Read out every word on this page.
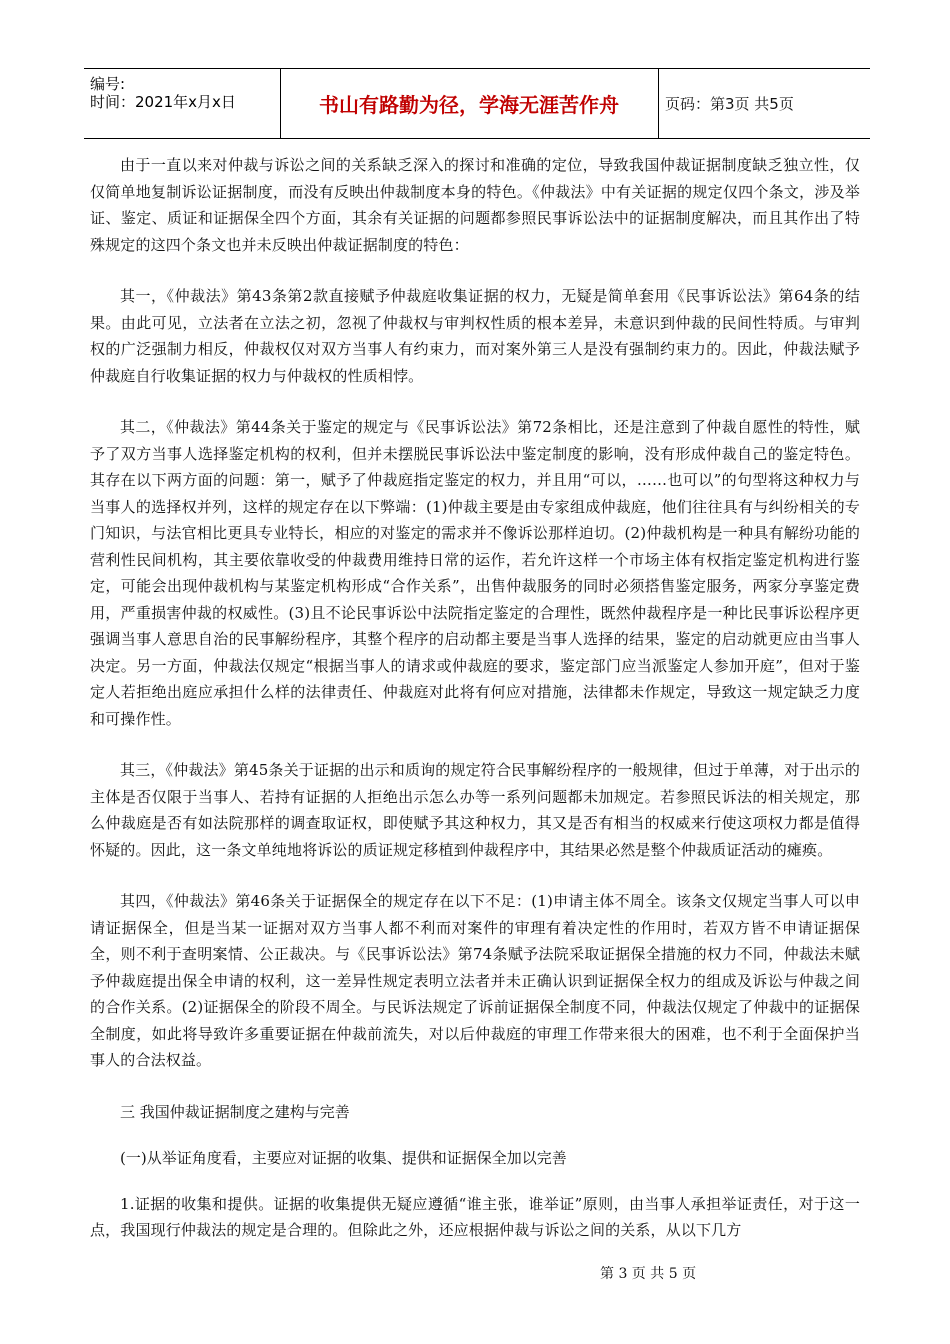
编号:
时间：2021年x月x日	书山有路勤为径，学海无涯苦作舟	页码：第3页 共5页

由于一直以来对仲裁与诉讼之间的关系缺乏深入的探讨和准确的定位，导致我国仲裁证据制度缺乏独立性，仅仅简单地复制诉讼证据制度，而没有反映出仲裁制度本身的特色。《仲裁法》中有关证据的规定仅四个条文，涉及举证、鉴定、质证和证据保全四个方面，其余有关证据的问题都参照民事诉讼法中的证据制度解决，而且其作出了特殊规定的这四个条文也并未反映出仲裁证据制度的特色：

其一，《仲裁法》第43条第2款直接赋予仲裁庭收集证据的权力，无疑是简单套用《民事诉讼法》第64条的结果。由此可见，立法者在立法之初，忽视了仲裁权与审判权性质的根本差异，未意识到仲裁的民间性特质。与审判权的广泛强制力相反，仲裁权仅对双方当事人有约束力，而对案外第三人是没有强制约束力的。因此，仲裁法赋予仲裁庭自行收集证据的权力与仲裁权的性质相悖。

其二，《仲裁法》第44条关于鉴定的规定与《民事诉讼法》第72条相比，还是注意到了仲裁自愿性的特性，赋予了双方当事人选择鉴定机构的权利，但并未摆脱民事诉讼法中鉴定制度的影响，没有形成仲裁自己的鉴定特色。其存在以下两方面的问题：第一，赋予了仲裁庭指定鉴定的权力，并且用“可以，……也可以”的句型将这种权力与当事人的选择权并列，这样的规定存在以下弊端：(1)仲裁主要是由专家组成仲裁庭，他们往往具有与纠纷相关的专门知识，与法官相比更具专业特长，相应的对鉴定的需求并不像诉讼那样迫切。(2)仲裁机构是一种具有解纷功能的营利性民间机构，其主要依靠收受的仲裁费用维持日常的运作，若允许这样一个市场主体有权指定鉴定机构进行鉴定，可能会出现仲裁机构与某鉴定机构形成“合作关系”，出售仲裁服务的同时必须搭售鉴定服务，两家分享鉴定费用，严重损害仲裁的权威性。(3)且不论民事诉讼中法院指定鉴定的合理性，既然仲裁程序是一种比民事诉讼程序更强调当事人意思自治的民事解纷程序，其整个程序的启动都主要是当事人选择的结果，鉴定的启动就更应由当事人决定。另一方面，仲裁法仅规定“根据当事人的请求或仲裁庭的要求，鉴定部门应当派鉴定人参加开庭”，但对于鉴定人若拒绝出庭应承担什么样的法律责任、仲裁庭对此将有何应对措施，法律都未作规定，导致这一规定缺乏力度和可操作性。

其三，《仲裁法》第45条关于证据的出示和质询的规定符合民事解纷程序的一般规律，但过于单薄，对于出示的主体是否仅限于当事人、若持有证据的人拒绝出示怎么办等一系列问题都未加规定。若参照民诉法的相关规定，那么仲裁庭是否有如法院那样的调查取证权，即使赋予其这种权力，其又是否有相当的权威来行使这项权力都是值得怀疑的。因此，这一条文单纯地将诉讼的质证规定移植到仲裁程序中，其结果必然是整个仲裁质证活动的瘫痪。

其四，《仲裁法》第46条关于证据保全的规定存在以下不足：(1)申请主体不周全。该条文仅规定当事人可以申请证据保全，但是当某一证据对双方当事人都不利而对案件的审理有着决定性的作用时，若双方皆不申请证据保全，则不利于查明案情、公正裁决。与《民事诉讼法》第74条赋予法院采取证据保全措施的权力不同，仲裁法未赋予仲裁庭提出保全申请的权利，这一差异性规定表明立法者并未正确认识到证据保全权力的组成及诉讼与仲裁之间的合作关系。(2)证据保全的阶段不周全。与民诉法规定了诉前证据保全制度不同，仲裁法仅规定了仲裁中的证据保全制度，如此将导致许多重要证据在仲裁前流失，对以后仲裁庭的审理工作带来很大的困难，也不利于全面保护当事人的合法权益。

三 我国仲裁证据制度之建构与完善

(一)从举证角度看，主要应对证据的收集、提供和证据保全加以完善

1.证据的收集和提供。证据的收集提供无疑应遵循“谁主张，谁举证”原则，由当事人承担举证责任，对于这一点，我国现行仲裁法的规定是合理的。但除此之外，还应根据仲裁与诉讼之间的关系，从以下几方

第 3 页 共 5 页
